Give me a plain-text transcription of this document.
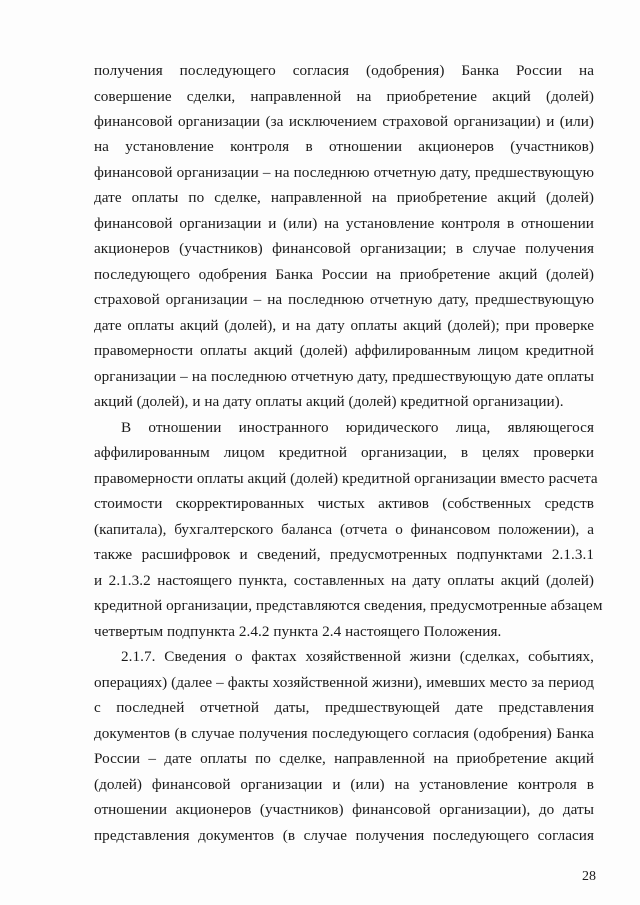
получения последующего согласия (одобрения) Банка России на
совершение сделки, направленной на приобретение акций (долей)
финансовой организации (за исключением страховой организации) и (или)
на установление контроля в отношении акционеров (участников)
финансовой организации – на последнюю отчетную дату, предшествующую
дате оплаты по сделке, направленной на приобретение акций (долей)
финансовой организации и (или) на установление контроля в отношении
акционеров (участников) финансовой организации; в случае получения
последующего одобрения Банка России на приобретение акций (долей)
страховой организации – на последнюю отчетную дату, предшествующую
дате оплаты акций (долей), и на дату оплаты акций (долей); при проверке
правомерности оплаты акций (долей) аффилированным лицом кредитной
организации – на последнюю отчетную дату, предшествующую дате оплаты
акций (долей), и на дату оплаты акций (долей) кредитной организации).
В отношении иностранного юридического лица, являющегося
аффилированным лицом кредитной организации, в целях проверки
правомерности оплаты акций (долей) кредитной организации вместо расчета
стоимости скорректированных чистых активов (собственных средств
(капитала), бухгалтерского баланса (отчета о финансовом положении), а
также расшифровок и сведений, предусмотренных подпунктами 2.1.3.1
и 2.1.3.2 настоящего пункта, составленных на дату оплаты акций (долей)
кредитной организации, представляются сведения, предусмотренные абзацем
четвертым подпункта 2.4.2 пункта 2.4 настоящего Положения.
2.1.7. Сведения о фактах хозяйственной жизни (сделках, событиях,
операциях) (далее – факты хозяйственной жизни), имевших место за период
с последней отчетной даты, предшествующей дате представления
документов (в случае получения последующего согласия (одобрения) Банка
России – дате оплаты по сделке, направленной на приобретение акций
(долей) финансовой организации и (или) на установление контроля в
отношении акционеров (участников) финансовой организации), до даты
представления документов (в случае получения последующего согласия
28
